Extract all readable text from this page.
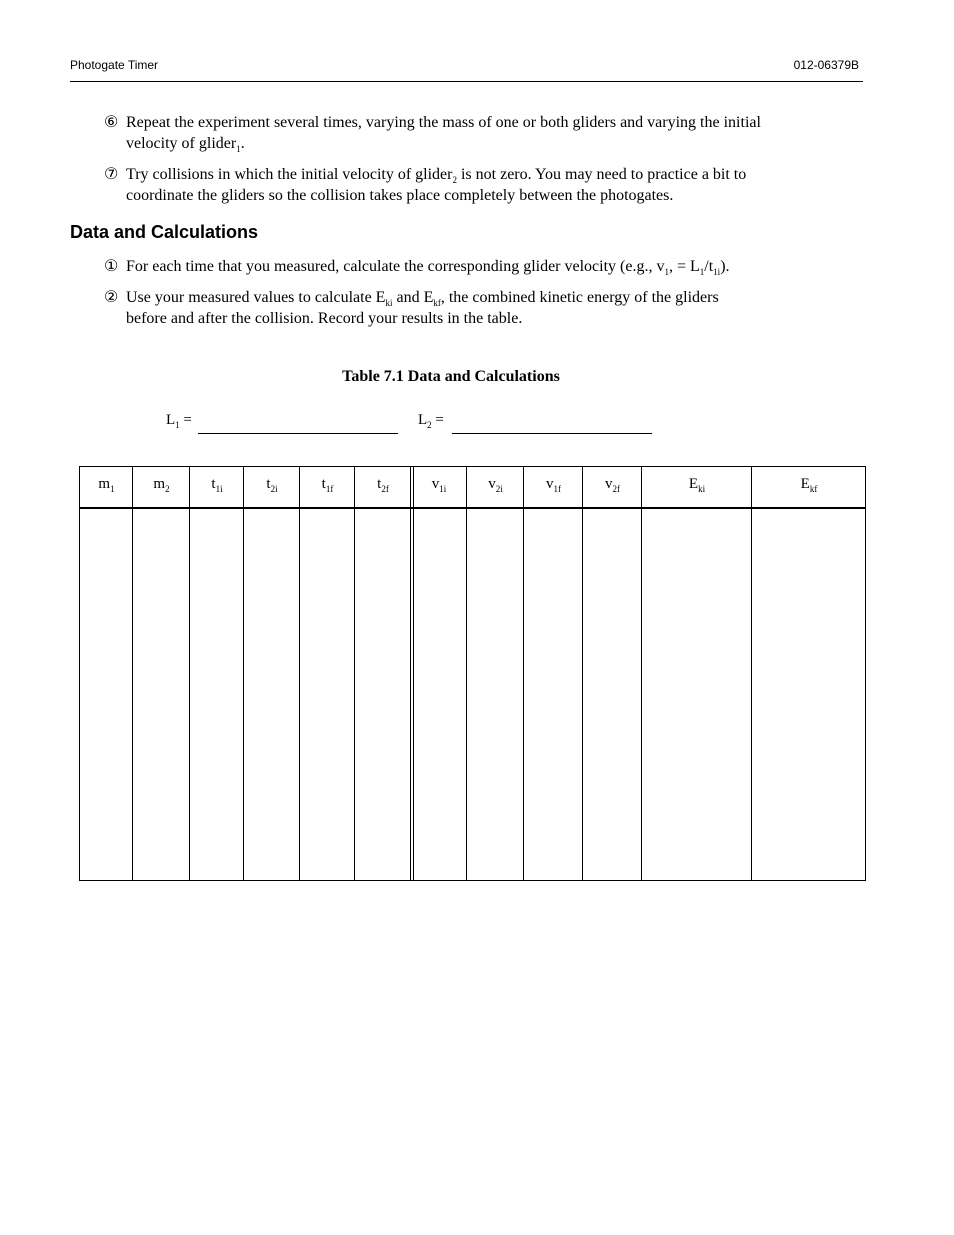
Photogate Timer	012-06379B
⑥ Repeat the experiment several times, varying the mass of one or both gliders and varying the initial velocity of glider$_1$.
⑦ Try collisions in which the initial velocity of glider$_2$ is not zero. You may need to practice a bit to coordinate the gliders so the collision takes place completely between the photogates.
Data and Calculations
① For each time that you measured, calculate the corresponding glider velocity (e.g., $v_1$, = $L_1/t_{1i}$).
② Use your measured values to calculate $E_{ki}$ and $E_{kf}$, the combined kinetic energy of the gliders before and after the collision. Record your results in the table.
Table 7.1 Data and Calculations
$L_1$ =	$L_2$ =
$m_1$	$m_2$	$t_{1i}$	$t_{2i}$	$t_{1f}$	$t_{2f}$	$v_{1i}$	$v_{2i}$	$v_{1f}$	$v_{2f}$	$E_{ki}$	$E_{kf}$
